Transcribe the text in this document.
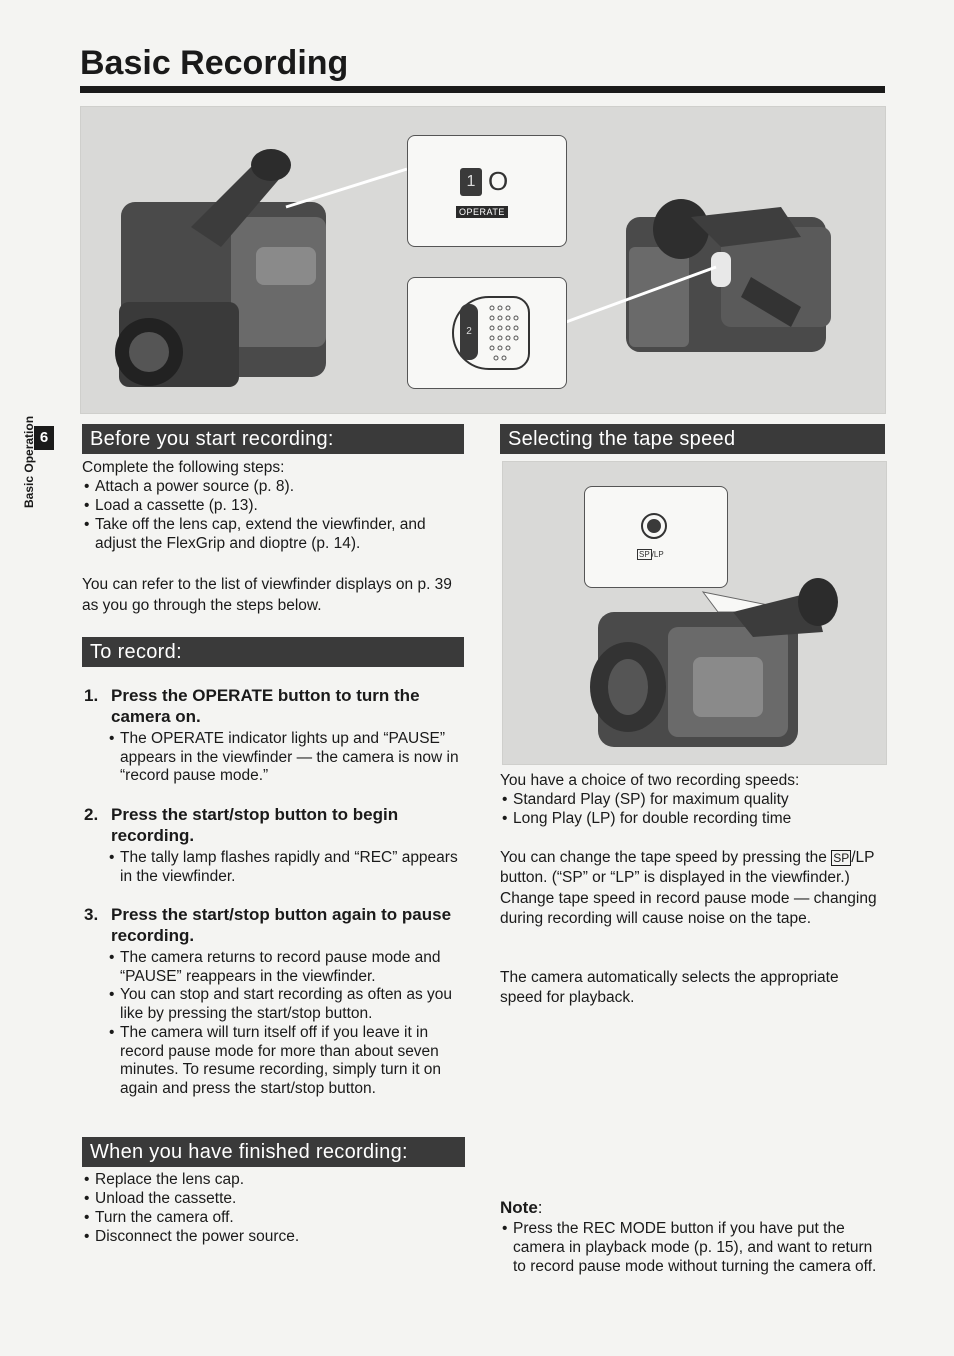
Basic Recording
6
Basic Operation
1 O
OPERATE
2
Before you start recording:
Complete the following steps:
• Attach a power source (p. 8).
• Load a cassette (p. 13).
• Take off the lens cap, extend the viewfinder, and adjust the FlexGrip and dioptre (p. 14).
You can refer to the list of viewfinder displays on p. 39 as you go through the steps below.
To record:
1. Press the OPERATE button to turn the camera on.
• The OPERATE indicator lights up and “PAUSE” appears in the viewfinder — the camera is now in “record pause mode.”
2. Press the start/stop button to begin recording.
• The tally lamp flashes rapidly and “REC” appears in the viewfinder.
3. Press the start/stop button again to pause recording.
• The camera returns to record pause mode and “PAUSE” reappears in the viewfinder.
• You can stop and start recording as often as you like by pressing the start/stop button.
• The camera will turn itself off if you leave it in record pause mode for more than about seven minutes. To resume recording, simply turn it on again and press the start/stop button.
When you have finished recording:
• Replace the lens cap.
• Unload the cassette.
• Turn the camera off.
• Disconnect the power source.
Selecting the tape speed
SP /LP
You have a choice of two recording speeds:
• Standard Play (SP) for maximum quality
• Long Play (LP) for double recording time
You can change the tape speed by pressing the SP /LP button. (“SP” or “LP” is displayed in the viewfinder.) Change tape speed in record pause mode — changing during recording will cause noise on the tape.
The camera automatically selects the appropriate speed for playback.
Note:
• Press the REC MODE button if you have put the camera in playback mode (p. 15), and want to return to record pause mode without turning the camera off.
